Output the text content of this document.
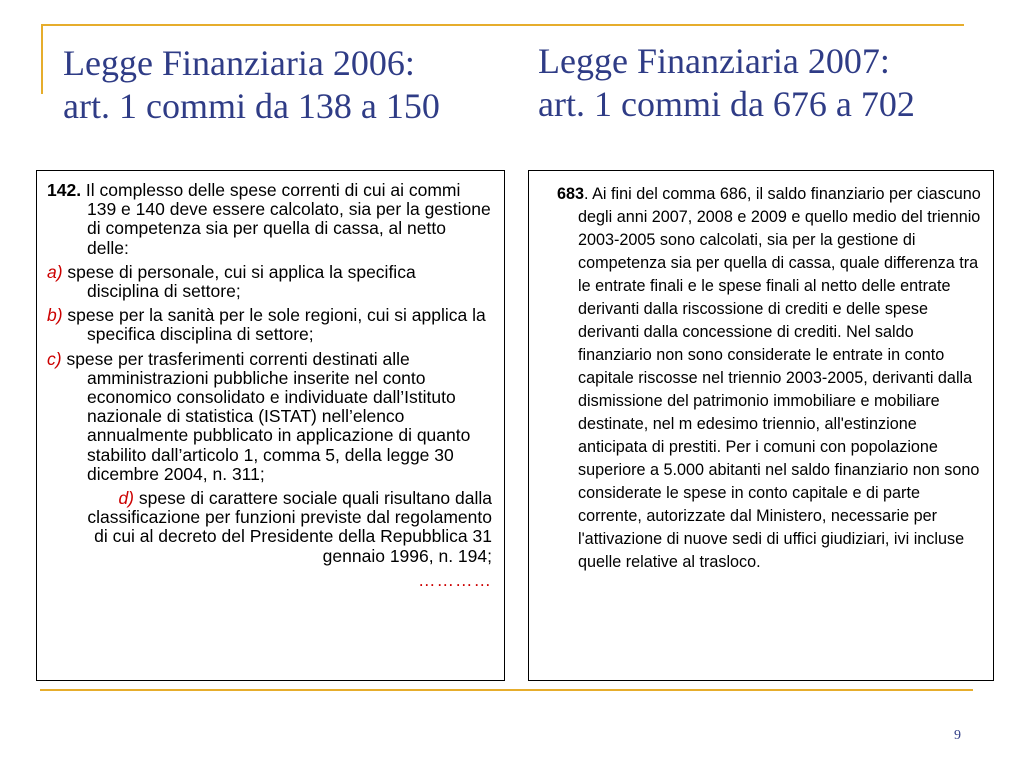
Legge Finanziaria 2006:
art. 1 commi da 138 a 150
Legge Finanziaria 2007:
art. 1 commi da 676 a 702

142. Il complesso delle spese correnti di cui ai commi 139 e 140 deve essere calcolato, sia per la gestione di competenza sia per quella di cassa, al netto delle:

a) spese di personale, cui si applica la specifica disciplina di settore;

b) spese per la sanità per le sole regioni, cui si applica la specifica disciplina di settore;

c) spese per trasferimenti correnti destinati alle amministrazioni pubbliche inserite nel conto economico consolidato e individuate dall’Istituto nazionale di statistica (ISTAT) nell’elenco annualmente pubblicato in applicazione di quanto stabilito dall’articolo 1, comma 5, della legge 30 dicembre 2004, n. 311;

d) spese di carattere sociale quali risultano dalla classificazione per funzioni previste dal regolamento di cui al decreto del Presidente della Repubblica 31 gennaio 1996, n. 194;

…………

683. Ai fini del comma 686, il saldo finanziario per ciascuno degli anni 2007, 2008 e 2009 e quello medio del triennio 2003-2005 sono calcolati, sia per la gestione di competenza sia per quella di cassa, quale differenza tra le entrate finali e le spese finali al netto delle entrate derivanti dalla riscossione di crediti e delle spese derivanti dalla concessione di crediti. Nel saldo finanziario non sono considerate le entrate in conto capitale riscosse nel triennio 2003-2005, derivanti dalla dismissione del patrimonio immobiliare e mobiliare destinate, nel m edesimo triennio, all'estinzione anticipata di prestiti. Per i comuni con popolazione superiore a 5.000 abitanti nel saldo finanziario non sono considerate le spese in conto capitale e di parte corrente, autorizzate dal Ministero, necessarie per l'attivazione di nuove sedi di uffici giudiziari, ivi incluse quelle relative al trasloco.

9
